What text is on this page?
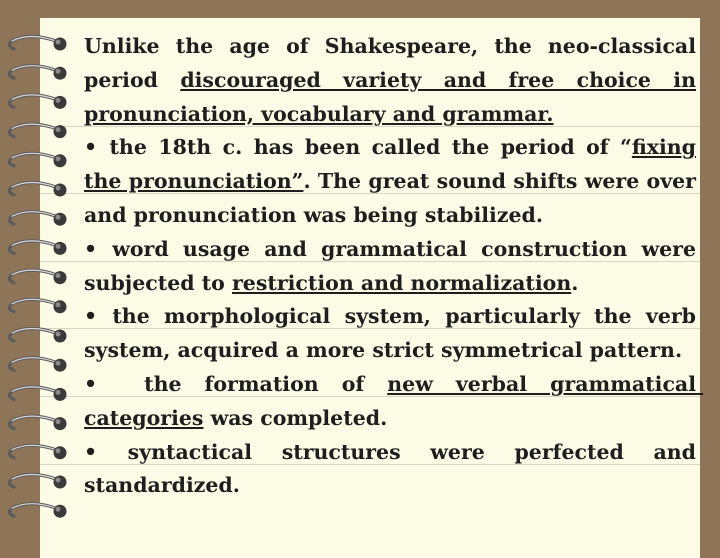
Unlike the age of Shakespeare, the neo-classical period discouraged variety and free choice in pronunciation, vocabulary and grammar.

• the 18th c. has been called the period of “fixing the pronunciation”. The great sound shifts were over and pronunciation was being stabilized.

• word usage and grammatical construction were subjected to restriction and normalization.

• the morphological system, particularly the verb system, acquired a more strict symmetrical pattern.

•  the formation of new verbal grammatical categories was completed.

• syntactical structures were perfected and standardized.
